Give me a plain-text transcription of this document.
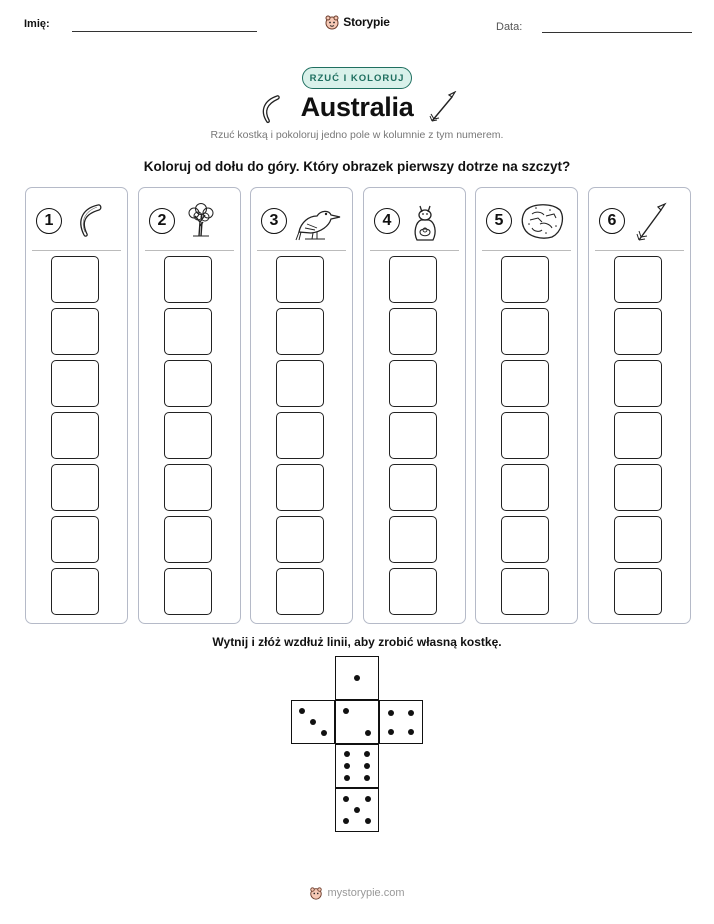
Imię:	Storypie	Data:
RZUĆ I KOLORUJ
Australia
Rzuć kostką i pokoloruj jedno pole w kolumnie z tym numerem.
Koloruj od dołu do góry. Który obrazek pierwszy dotrze na szczyt?
1	2	3	4	5	6
Wytnij i złóż wzdłuż linii, aby zrobić własną kostkę.
mystorypie.com
